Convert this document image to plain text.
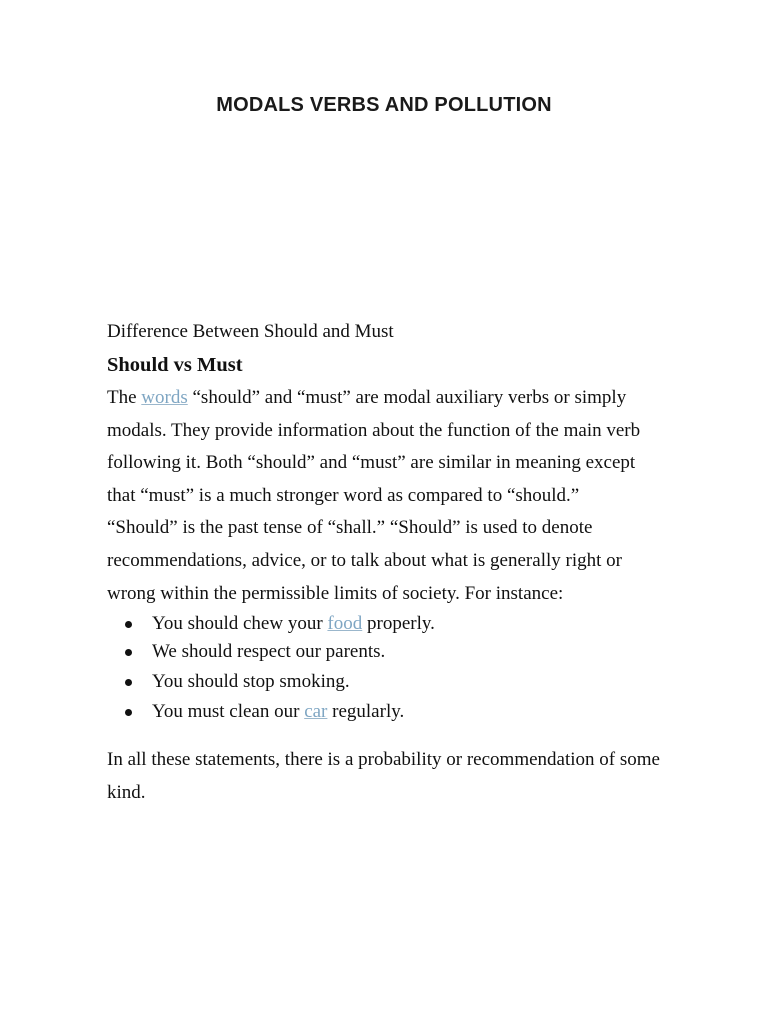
MODALS VERBS AND POLLUTION

Difference Between Should and Must

Should vs Must

The words “should” and “must” are modal auxiliary verbs or simply modals. They provide information about the function of the main verb following it. Both “should” and “must” are similar in meaning except that “must” is a much stronger word as compared to “should.”

“Should” is the past tense of “shall.” “Should” is used to denote recommendations, advice, or to talk about what is generally right or wrong within the permissible limits of society. For instance:

You should chew your food properly.
We should respect our parents.
You should stop smoking.
You must clean our car regularly.

In all these statements, there is a probability or recommendation of some kind.
